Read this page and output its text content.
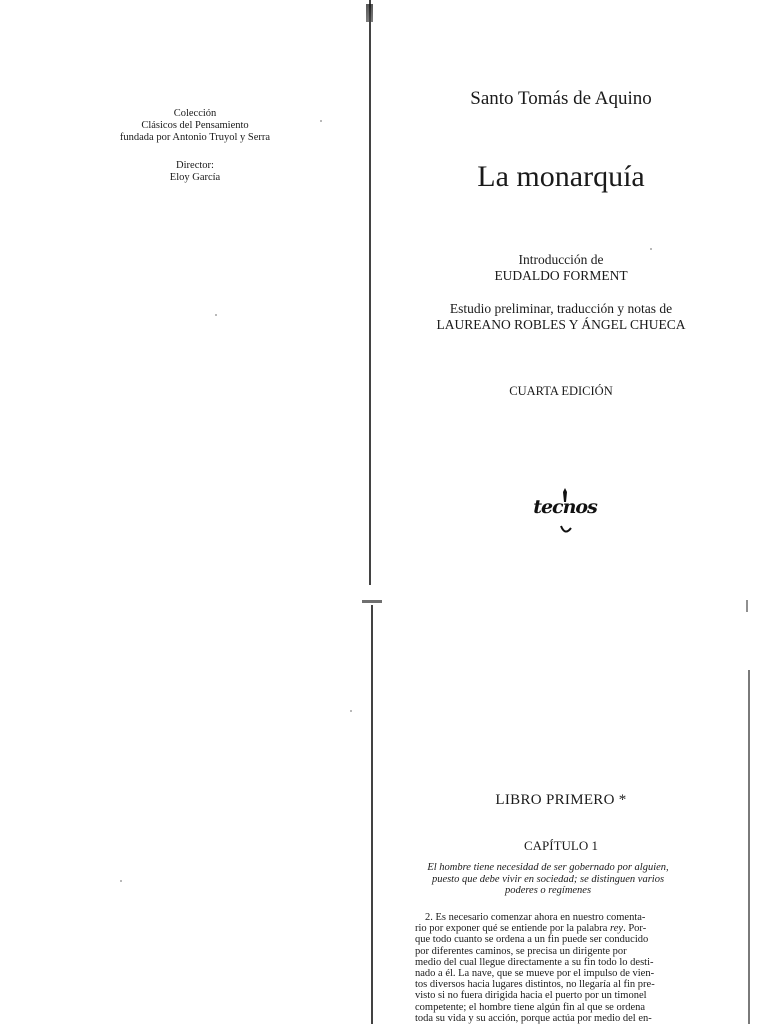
Colección
Clásicos del Pensamiento
fundada por Antonio Truyol y Serra
Director:
Eloy García
Santo Tomás de Aquino
La monarquía
Introducción de
EUDALDO FORMENT
Estudio preliminar, traducción y notas de
LAUREANO ROBLES Y ÁNGEL CHUECA
CUARTA EDICIÓN
tecnos
LIBRO PRIMERO *
CAPÍTULO 1
El hombre tiene necesidad de ser gobernado por alguien,
puesto que debe vivir en sociedad; se distinguen varios
poderes o regímenes
2. Es necesario comenzar ahora en nuestro comenta-
rio por exponer qué se entiende por la palabra rey. Por-
que todo cuanto se ordena a un fin puede ser conducido
por diferentes caminos, se precisa un dirigente por
medio del cual llegue directamente a su fin todo lo desti-
nado a él. La nave, que se mueve por el impulso de vien-
tos diversos hacia lugares distintos, no llegaría al fin pre-
visto si no fuera dirigida hacia el puerto por un timonel
competente; el hombre tiene algún fin al que se ordena
toda su vida y su acción, porque actúa por medio del en-
